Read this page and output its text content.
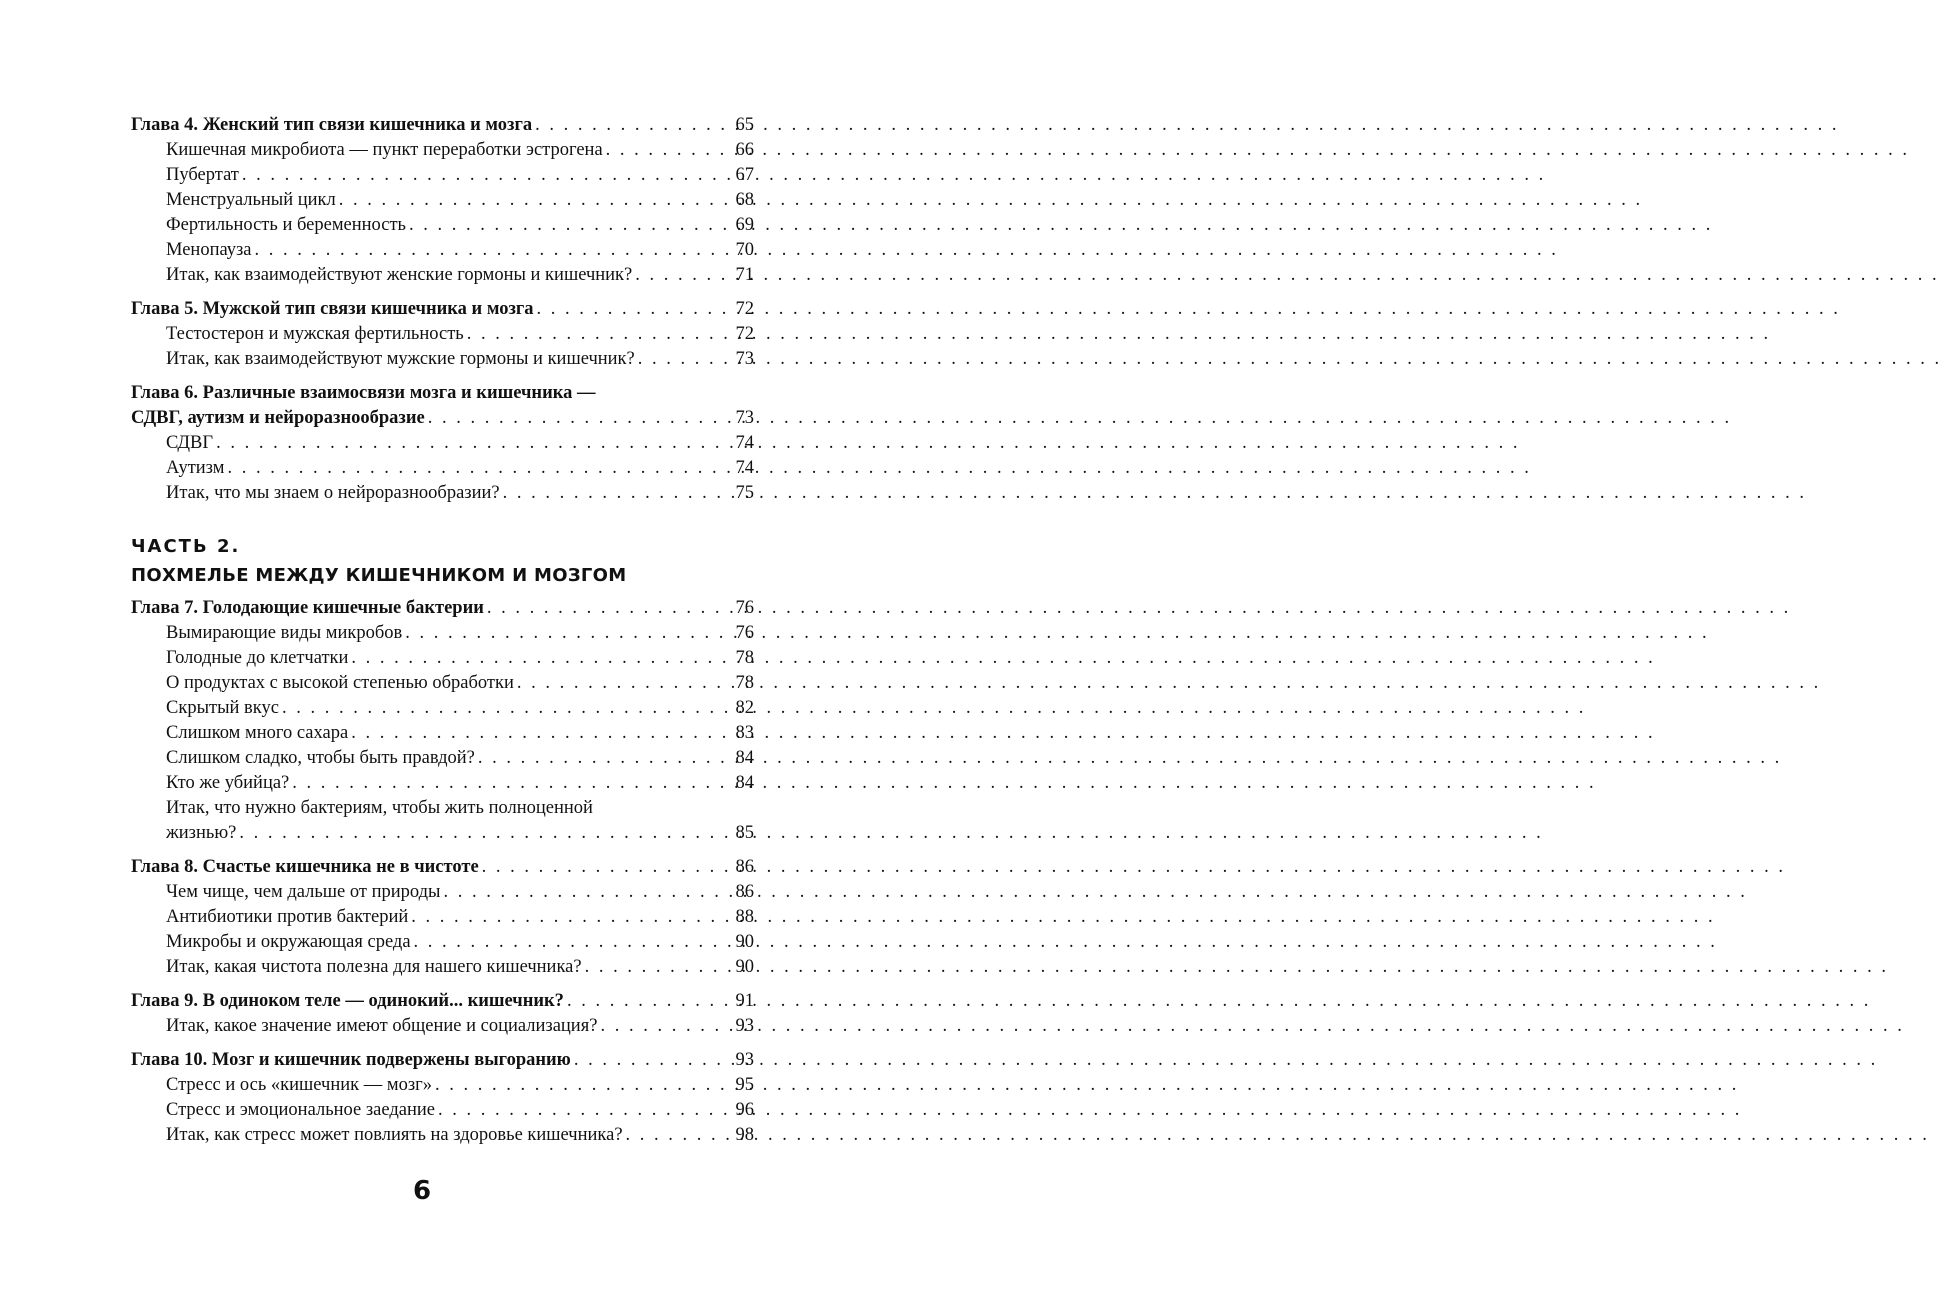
Глава 4. Женский тип связи кишечника и мозга . . .	65
Кишечная микробиота — пункт переработки эстрогена . . .	66
Пубертат . . .	67
Менструальный цикл . . .	68
Фертильность и беременность . . .	69
Менопауза . . .	70
Итак, как взаимодействуют женские гормоны и кишечник? . . .	71
Глава 5. Мужской тип связи кишечника и мозга . . .	72
Тестостерон и мужская фертильность . . .	72
Итак, как взаимодействуют мужские гормоны и кишечник? . . .	73
Глава 6. Различные взаимосвязи мозга и кишечника —
СДВГ, аутизм и нейроразнообразие . . .	73
СДВГ . . .	74
Аутизм . . .	74
Итак, что мы знаем о нейроразнообразии? . . .	75
ЧАСТЬ 2.
ПОХМЕЛЬЕ МЕЖДУ КИШЕЧНИКОМ И МОЗГОМ
Глава 7. Голодающие кишечные бактерии . . .	76
Вымирающие виды микробов . . .	76
Голодные до клетчатки . . .	78
О продуктах с высокой степенью обработки . . .	78
Скрытый вкус . . .	82
Слишком много сахара . . .	83
Слишком сладко, чтобы быть правдой? . . .	84
Кто же убийца? . . .	84
Итак, что нужно бактериям, чтобы жить полноценной
жизнью? . . .	85
Глава 8. Счастье кишечника не в чистоте . . .	86
Чем чище, чем дальше от природы . . .	86
Антибиотики против бактерий . . .	88
Микробы и окружающая среда . . .	90
Итак, какая чистота полезна для нашего кишечника? . . .	90
Глава 9. В одиноком теле — одинокий... кишечник? . . .	91
Итак, какое значение имеют общение и социализация? . . .	93
Глава 10. Мозг и кишечник подвержены выгоранию . . .	93
Стресс и ось «кишечник — мозг» . . .	95
Стресс и эмоциональное заедание . . .	96
Итак, как стресс может повлиять на здоровье кишечника? . . .	98
6
